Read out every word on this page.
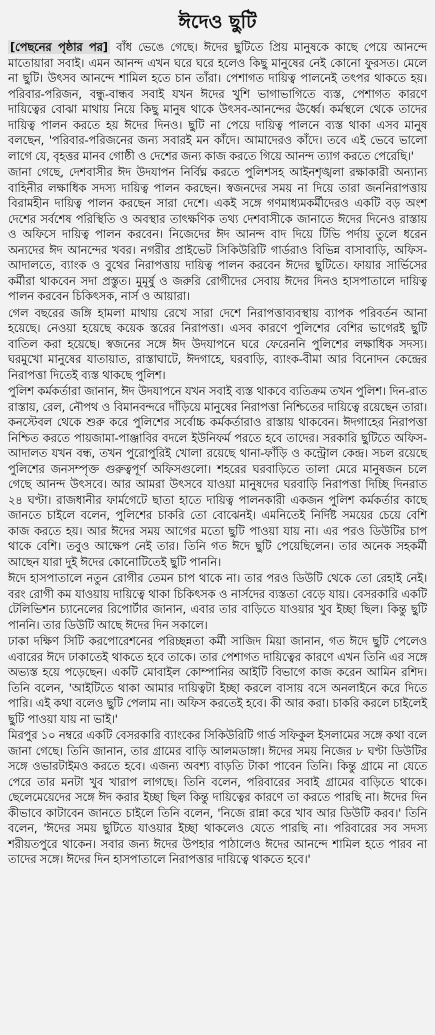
ঈদেও ছুটি

[পেছনের পৃষ্ঠার পর] বাঁধ ভেঙে গেছে। ঈদের ছুটিতে প্রিয় মানুষকে কাছে পেয়ে আনন্দে মাতোয়ারা সবাই। এমন আনন্দ এখন ঘরে ঘরে হলেও কিছু মানুষের নেই কোনো ফুরসত। মেলে না ছুটি। উৎসব আনন্দে শামিল হতে চান তাঁরা। পেশাগত দায়িত্ব পালনেই তৎপর থাকতে হয়। পরিবার-পরিজন, বন্ধু-বান্ধব সবাই যখন ঈদের খুশি ভাগাভাগিতে ব্যস্ত, পেশাগত কারণে দায়িত্বের বোঝা মাথায় নিয়ে কিছু মানুষ থাকে উৎসব-আনন্দের ঊর্ধ্বে। কর্মস্থলে থেকে তাদের দায়িত্ব পালন করতে হয় ঈদের দিনও। ছুটি না পেয়ে দায়িত্ব পালনে ব্যস্ত থাকা এসব মানুষ বলছেন, 'পরিবার-পরিজনের জন্য সবারই মন কাঁদে। আমাদেরও কাঁদে। তবে এই ভেবে ভালো লাগে যে, বৃহত্তর মানব গোষ্ঠী ও দেশের জন্য কাজ করতে গিয়ে আনন্দ ত্যাগ করতে পেরেছি।'

জানা গেছে, দেশবাসীর ঈদ উদযাপন নির্বিঘ্ন করতে পুলিশসহ আইনশৃঙ্খলা রক্ষাকারী অন্যান্য বাহিনীর লক্ষাধিক সদস্য দায়িত্ব পালন করছেন। স্বজনদের সময় না দিয়ে তারা জননিরাপত্তায় বিরামহীন দায়িত্ব পালন করছেন সারা দেশে। একই সঙ্গে গণমাধ্যমকর্মীদেরও একটি বড় অংশ দেশের সর্বশেষ পরিস্থিতি ও অবস্থার তাৎক্ষণিক তথ্য দেশবাসীকে জানাতে ঈদের দিনেও রাস্তায় ও অফিসে দায়িত্ব পালন করবেন। নিজেদের ঈদ আনন্দ বাদ দিয়ে টিভি পর্দায় তুলে ধরেন অন্যদের ঈদ আনন্দের খবর। নগরীর প্রাইভেট সিকিউরিটি গার্ডরাও বিভিন্ন বাসাবাড়ি, অফিস-আদালতে, ব্যাংক ও বুথের নিরাপত্তায় দায়িত্ব পালন করবেন ঈদের ছুটিতে। ফায়ার সার্ভিসের কর্মীরা থাকবেন সদা প্রস্তুত। মুমূর্ষু ও জরুরি রোগীদের সেবায় ঈদের দিনও হাসপাতালে দায়িত্ব পালন করবেন চিকিৎসক, নার্স ও আয়ারা।

গেল বছরের জঙ্গি হামলা মাথায় রেখে সারা দেশে নিরাপত্তাব্যবস্থায় ব্যাপক পরিবর্তন আনা হয়েছে। নেওয়া হয়েছে কয়েক স্তরের নিরাপত্তা। এসব কারণে পুলিশের বেশির ভাগেরই ছুটি বাতিল করা হয়েছে। স্বজনের সঙ্গে ঈদ উদযাপনে ঘরে ফেরেননি পুলিশের লক্ষাধিক সদস্য। ঘরমুখো মানুষের যাতায়াত, রাস্তাঘাটে, ঈদগাহে, ঘরবাড়ি, ব্যাংক-বীমা আর বিনোদন কেন্দ্রের নিরাপত্তা দিতেই ব্যস্ত থাকছে পুলিশ।

পুলিশ কর্মকর্তারা জানান, ঈদ উদযাপনে যখন সবাই ব্যস্ত থাকবে ব্যতিক্রম তখন পুলিশ। দিন-রাত রাস্তায়, রেল, নৌপথ ও বিমানবন্দরে দাঁড়িয়ে মানুষের নিরাপত্তা নিশ্চিতের দায়িত্বে রয়েছেন তারা। কনস্টেবল থেকে শুরু করে পুলিশের সর্বোচ্চ কর্মকর্তারাও রাস্তায় থাকবেন। ঈদগাহের নিরাপত্তা নিশ্চিত করতে পায়জামা-পাঞ্জাবির বদলে ইউনিফর্ম পরতে হবে তাদের। সরকারি ছুটিতে অফিস-আদালত যখন বন্ধ, তখন পুরোপুরিই খোলা রয়েছে থানা-ফাঁড়ি ও কন্ট্রোল কেন্দ্র। সচল রয়েছে পুলিশের জনসম্পৃক্ত গুরুত্বপূর্ণ অফিসগুলো। শহরের ঘরবাড়িতে তালা মেরে মানুষজন চলে গেছে আনন্দ উৎসবে। আর আমরা উৎসবে যাওয়া মানুষদের ঘরবাড়ি নিরাপত্তা দিচ্ছি দিনরাত ২৪ ঘণ্টা। রাজধানীর ফার্মগেটে ছাতা হাতে দায়িত্ব পালনকারী একজন পুলিশ কর্মকর্তার কাছে জানতে চাইলে বলেন, পুলিশের চাকরি তো বোঝেনই। এমনিতেই নির্দিষ্ট সময়ের চেয়ে বেশি কাজ করতে হয়। আর ঈদের সময় আগের মতো ছুটি পাওয়া যায় না। এর পরও ডিউটির চাপ থাকে বেশি। তবুও আক্ষেপ নেই তার। তিনি গত ঈদে ছুটি পেয়েছিলেন। তার অনেক সহকর্মী আছেন যারা দুই ঈদের কোনোটিতেই ছুটি পাননি।

ঈদে হাসপাতালে নতুন রোগীর তেমন চাপ থাকে না। তার পরও ডিউটি থেকে তো রেহাই নেই। বরং রোগী কম যাওয়ায় দায়িত্বে থাকা চিকিৎসক ও নার্সদের ব্যস্ততা বেড়ে যায়। বেসরকারি একটি টেলিভিশন চ্যানেলের রিপোর্টার জানান, এবার তার বাড়িতে যাওয়ার খুব ইচ্ছা ছিল। কিন্তু ছুটি পাননি। তার ডিউটি আছে ঈদের দিন সকালে।

ঢাকা দক্ষিণ সিটি করপোরেশনের পরিচ্ছন্নতা কর্মী সাজিদ মিয়া জানান, গত ঈদে ছুটি পেলেও এবারের ঈদে ঢাকাতেই থাকতে হবে তাকে। তার পেশাগত দায়িত্বের কারণে এখন তিনি এর সঙ্গে অভ্যস্ত হয়ে পড়েছেন। একটি মোবাইল কোম্পানির আইটি বিভাগে কাজ করেন আমিন রশিদ। তিনি বলেন, 'আইটিতে থাকা আমার দায়িত্বটা ইচ্ছা করলে বাসায় বসে অনলাইনে করে দিতে পারি। এই কথা বলেও ছুটি পেলাম না। অফিস করতেই হবে। কী আর করা। চাকরি করলে চাইলেই ছুটি পাওয়া যায় না ভাই।'

মিরপুর ১০ নম্বরে একটি বেসরকারি ব্যাংকের সিকিউরিটি গার্ড সফিকুল ইসলামের সঙ্গে কথা বলে জানা গেছে। তিনি জানান, তার গ্রামের বাড়ি আলমডাঙ্গা। ঈদের সময় নিজের ৮ ঘণ্টা ডিউটির সঙ্গে ওভারটাইমও করতে হবে। এজন্য অবশ্য বাড়তি টাকা পাবেন তিনি। কিন্তু গ্রামে না যেতে পেরে তার মনটা খুব খারাপ লাগছে। তিনি বলেন, পরিবারের সবাই গ্রামের বাড়িতে থাকে। ছেলেমেয়েদের সঙ্গে ঈদ করার ইচ্ছা ছিল কিন্তু দায়িত্বের কারণে তা করতে পারছি না। ঈদের দিন কীভাবে কাটাবেন জানতে চাইলে তিনি বলেন, 'নিজে রান্না করে খাব আর ডিউটি করব।' তিনি বলেন, 'ঈদের সময় ছুটিতে যাওয়ার ইচ্ছা থাকলেও যেতে পারছি না। পরিবারের সব সদস্য শরীয়তপুরে থাকেন। সবার জন্য ঈদের উপহার পাঠালেও ঈদের আনন্দে শামিল হতে পারব না তাদের সঙ্গে। ঈদের দিন হাসপাতালে নিরাপত্তার দায়িত্বে থাকতে হবে।'
